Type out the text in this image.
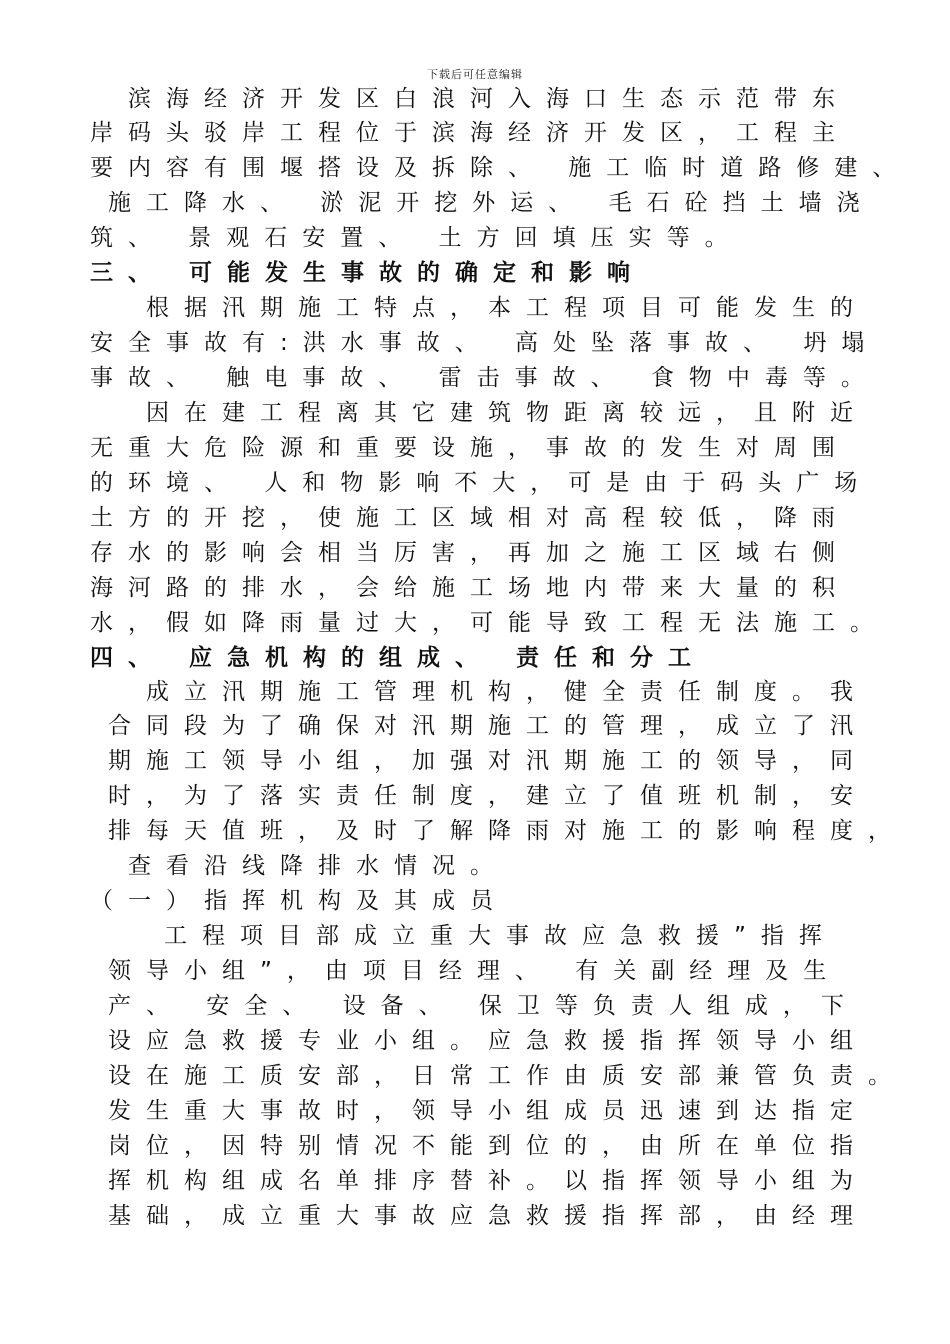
下载后可任意编辑
滨海经济开发区白浪河入海口生态示范带东
岸码头驳岸工程位于滨海经济开发区，工程主
要内容有围堰搭设及拆除、 施工临时道路修建、
施工降水、 淤泥开挖外运、 毛石砼挡土墙浇
筑、 景观石安置、 土方回填压实等。
三、 可能发生事故的确定和影响
根据汛期施工特点，本工程项目可能发生的
安全事故有:洪水事故、 高处坠落事故、 坍塌
事故、 触电事故、 雷击事故、 食物中毒等。
因在建工程离其它建筑物距离较远，且附近
无重大危险源和重要设施，事故的发生对周围
的环境、 人和物影响不大，可是由于码头广场
土方的开挖，使施工区域相对高程较低，降雨
存水的影响会相当厉害，再加之施工区域右侧
海河路的排水，会给施工场地内带来大量的积
水，假如降雨量过大，可能导致工程无法施工。
四、 应急机构的组成、 责任和分工
成立汛期施工管理机构，健全责任制度。我
合同段为了确保对汛期施工的管理，成立了汛
期施工领导小组，加强对汛期施工的领导，同
时，为了落实责任制度，建立了值班机制，安
排每天值班，及时了解降雨对施工的影响程度，
查看沿线降排水情况。
（一）指挥机构及其成员
工程项目部成立重大事故应急救援”指挥
领导小组”，由项目经理、 有关副经理及生
产、 安全、 设备、 保卫等负责人组成，下
设应急救援专业小组。应急救援指挥领导小组
设在施工质安部，日常工作由质安部兼管负责。
发生重大事故时，领导小组成员迅速到达指定
岗位，因特别情况不能到位的，由所在单位指
挥机构组成名单排序替补。以指挥领导小组为
基础，成立重大事故应急救援指挥部，由经理
